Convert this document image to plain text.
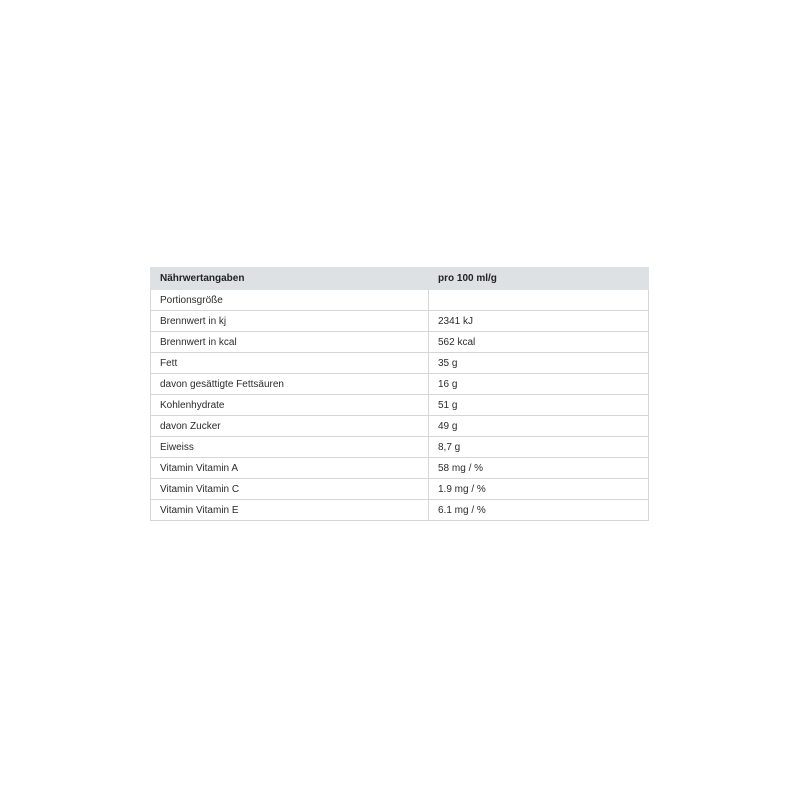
Nährwertangaben	pro 100 ml/g
Portionsgröße	
Brennwert in kj	2341 kJ
Brennwert in kcal	562 kcal
Fett	35 g
davon gesättigte Fettsäuren	16 g
Kohlenhydrate	51 g
davon Zucker	49 g
Eiweiss	8,7 g
Vitamin Vitamin A	58 mg / %
Vitamin Vitamin C	1.9 mg / %
Vitamin Vitamin E	6.1 mg / %
